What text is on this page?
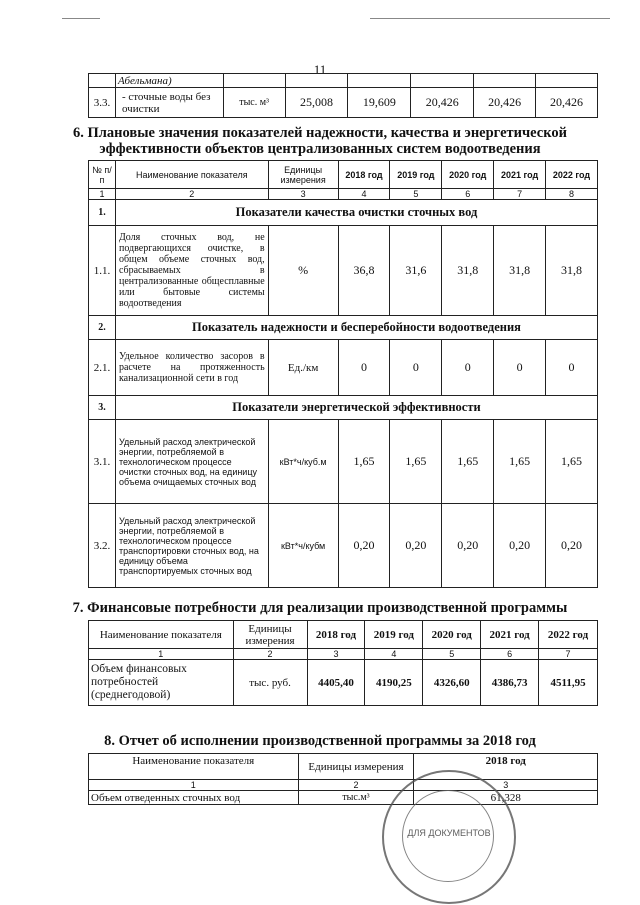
11
	Абельмана)						
3.3.	- сточные воды без очистки	тыс. м³	25,008	19,609	20,426	20,426	20,426
6. Плановые значения показателей надежности, качества и энергетической эффективности объектов централизованных систем водоотведения
№ п/п	Наименование показателя	Единицы измерения	2018 год	2019 год	2020 год	2021 год	2022 год
1	2	3	4	5	6	7	8
1.	Показатели качества очистки сточных вод						
1.1.	Доля сточных вод, не подвергающихся очистке, в общем объеме сточных вод, сбрасываемых в централизованные общесплавные или бытовые системы водоотведения	%	36,8	31,6	31,8	31,8	31,8
2.	Показатель надежности и бесперебойности водоотведения						
2.1.	Удельное количество засоров в расчете на протяженность канализационной сети в год	Ед./км	0	0	0	0	0
3.	Показатели энергетической эффективности						
3.1.	Удельный расход электрической энергии, потребляемой в технологическом процессе очистки сточных вод, на единицу объема очищаемых сточных вод	кВт*ч/куб.м	1,65	1,65	1,65	1,65	1,65
3.2.	Удельный расход электрической энергии, потребляемой в технологическом процессе транспортировки сточных вод, на единицу объема транспортируемых сточных вод	кВт*ч/кубм	0,20	0,20	0,20	0,20	0,20
7. Финансовые потребности для реализации производственной программы
Наименование показателя	Единицы измерения	2018 год	2019 год	2020 год	2021 год	2022 год
1	2	3	4	5	6	7
Объем финансовых потребностей (среднегодовой)	тыс. руб.	4405,40	4190,25	4326,60	4386,73	4511,95
8. Отчет об исполнении производственной программы за 2018 год
Наименование показателя	Единицы измерения	2018 год
1	2	3
Объем отведенных сточных вод	тыс.м³	61,328
ДЛЯ ДОКУМЕНТОВ
